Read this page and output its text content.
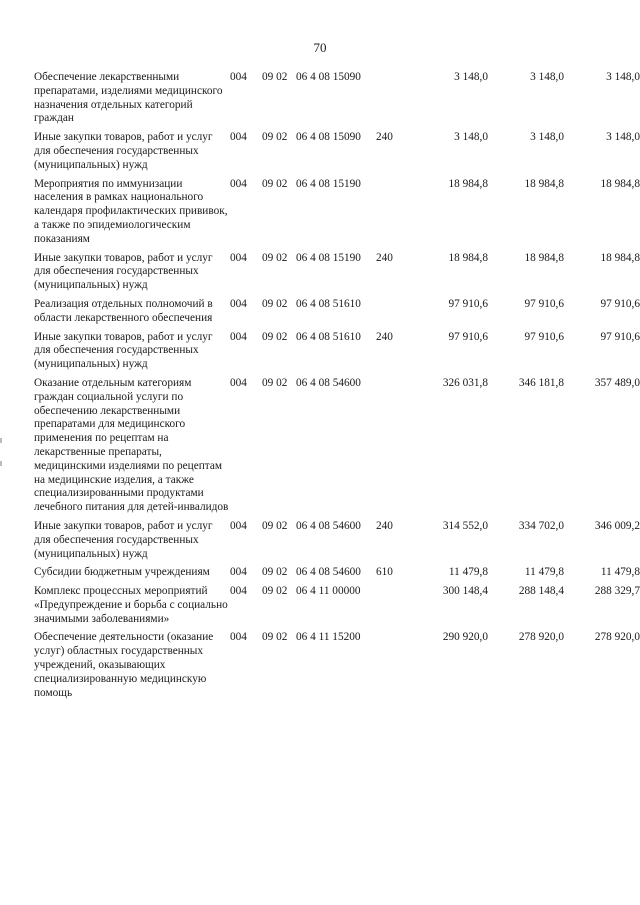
70
Обеспечение лекарственными препаратами, изделиями медицинского назначения отдельных категорий граждан	004	09 02	06 4 08 15090		3 148,0	3 148,0	3 148,0
Иные закупки товаров, работ и услуг для обеспечения государственных (муниципальных) нужд	004	09 02	06 4 08 15090	240	3 148,0	3 148,0	3 148,0
Мероприятия по иммунизации населения в рамках национального календаря профилактических прививок, а также по эпидемиологическим показаниям	004	09 02	06 4 08 15190		18 984,8	18 984,8	18 984,8
Иные закупки товаров, работ и услуг для обеспечения государственных (муниципальных) нужд	004	09 02	06 4 08 15190	240	18 984,8	18 984,8	18 984,8
Реализация отдельных полномочий в области лекарственного обеспечения	004	09 02	06 4 08 51610		97 910,6	97 910,6	97 910,6
Иные закупки товаров, работ и услуг для обеспечения государственных (муниципальных) нужд	004	09 02	06 4 08 51610	240	97 910,6	97 910,6	97 910,6
Оказание отдельным категориям граждан социальной услуги по обеспечению лекарственными препаратами для медицинского применения по рецептам на лекарственные препараты, медицинскими изделиями по рецептам на медицинские изделия, а также специализированными продуктами лечебного питания для детей-инвалидов	004	09 02	06 4 08 54600		326 031,8	346 181,8	357 489,0
Иные закупки товаров, работ и услуг для обеспечения государственных (муниципальных) нужд	004	09 02	06 4 08 54600	240	314 552,0	334 702,0	346 009,2
Субсидии бюджетным учреждениям	004	09 02	06 4 08 54600	610	11 479,8	11 479,8	11 479,8
Комплекс процессных мероприятий «Предупреждение и борьба с социально значимыми заболеваниями»	004	09 02	06 4 11 00000		300 148,4	288 148,4	288 329,7
Обеспечение деятельности (оказание услуг) областных государственных учреждений, оказывающих специализированную медицинскую помощь	004	09 02	06 4 11 15200		290 920,0	278 920,0	278 920,0
